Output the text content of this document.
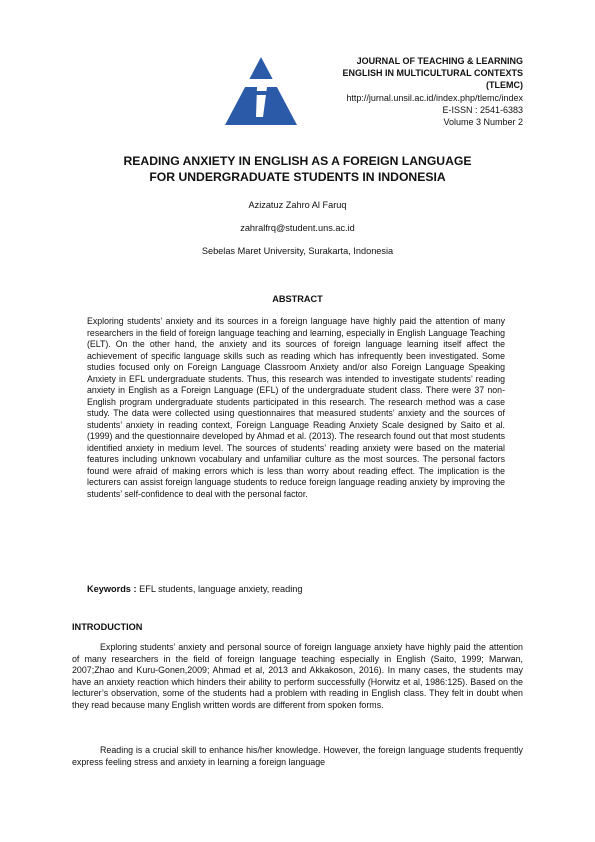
JOURNAL OF TEACHING & LEARNING
ENGLISH IN MULTICULTURAL CONTEXTS
(TLEMC)
http://jurnal.unsil.ac.id/index.php/tlemc/index
E-ISSN : 2541-6383
Volume 3 Number 2
READING ANXIETY IN ENGLISH AS A FOREIGN LANGUAGE
FOR UNDERGRADUATE STUDENTS IN INDONESIA
Azizatuz Zahro Al Faruq
zahralfrq@student.uns.ac.id
Sebelas Maret University, Surakarta, Indonesia
ABSTRACT

Exploring students’ anxiety and its sources in a foreign language have highly paid the attention of many researchers in the field of foreign language teaching and learning, especially in English Language Teaching (ELT). On the other hand, the anxiety and its sources of foreign language learning itself affect the achievement of specific language skills such as reading which has infrequently been investigated. Some studies focused only on Foreign Language Classroom Anxiety and/or also Foreign Language Speaking Anxiety in EFL undergraduate students. Thus, this research was intended to investigate students’ reading anxiety in English as a Foreign Language (EFL) of the undergraduate student class. There were 37 non-English program undergraduate students participated in this research. The research method was a case study. The data were collected using questionnaires that measured students’ anxiety and the sources of students’ anxiety in reading context, Foreign Language Reading Anxiety Scale designed by Saito et al. (1999) and the questionnaire developed by Ahmad et al. (2013). The research found out that most students identified anxiety in medium level. The sources of students’ reading anxiety were based on the material features including unknown vocabulary and unfamiliar culture as the most sources. The personal factors found were afraid of making errors which is less than worry about reading effect. The implication is the lecturers can assist foreign language students to reduce foreign language reading anxiety by improving the students’ self-confidence to deal with the personal factor.

Keywords : EFL students, language anxiety, reading
INTRODUCTION

Exploring students’ anxiety and personal source of foreign language anxiety have highly paid the attention of many researchers in the field of foreign language teaching especially in English (Saito, 1999; Marwan, 2007;Zhao and Kuru-Gonen,2009; Ahmad et al, 2013 and Akkakoson, 2016). In many cases, the students may have an anxiety reaction which hinders their ability to perform successfully (Horwitz et al, 1986:125). Based on the lecturer’s observation, some of the students had a problem with reading in English class. They felt in doubt when they read because many English written words are different from spoken forms.

Reading is a crucial skill to enhance his/her knowledge. However, the foreign language students frequently express feeling stress and anxiety in learning a foreign language
